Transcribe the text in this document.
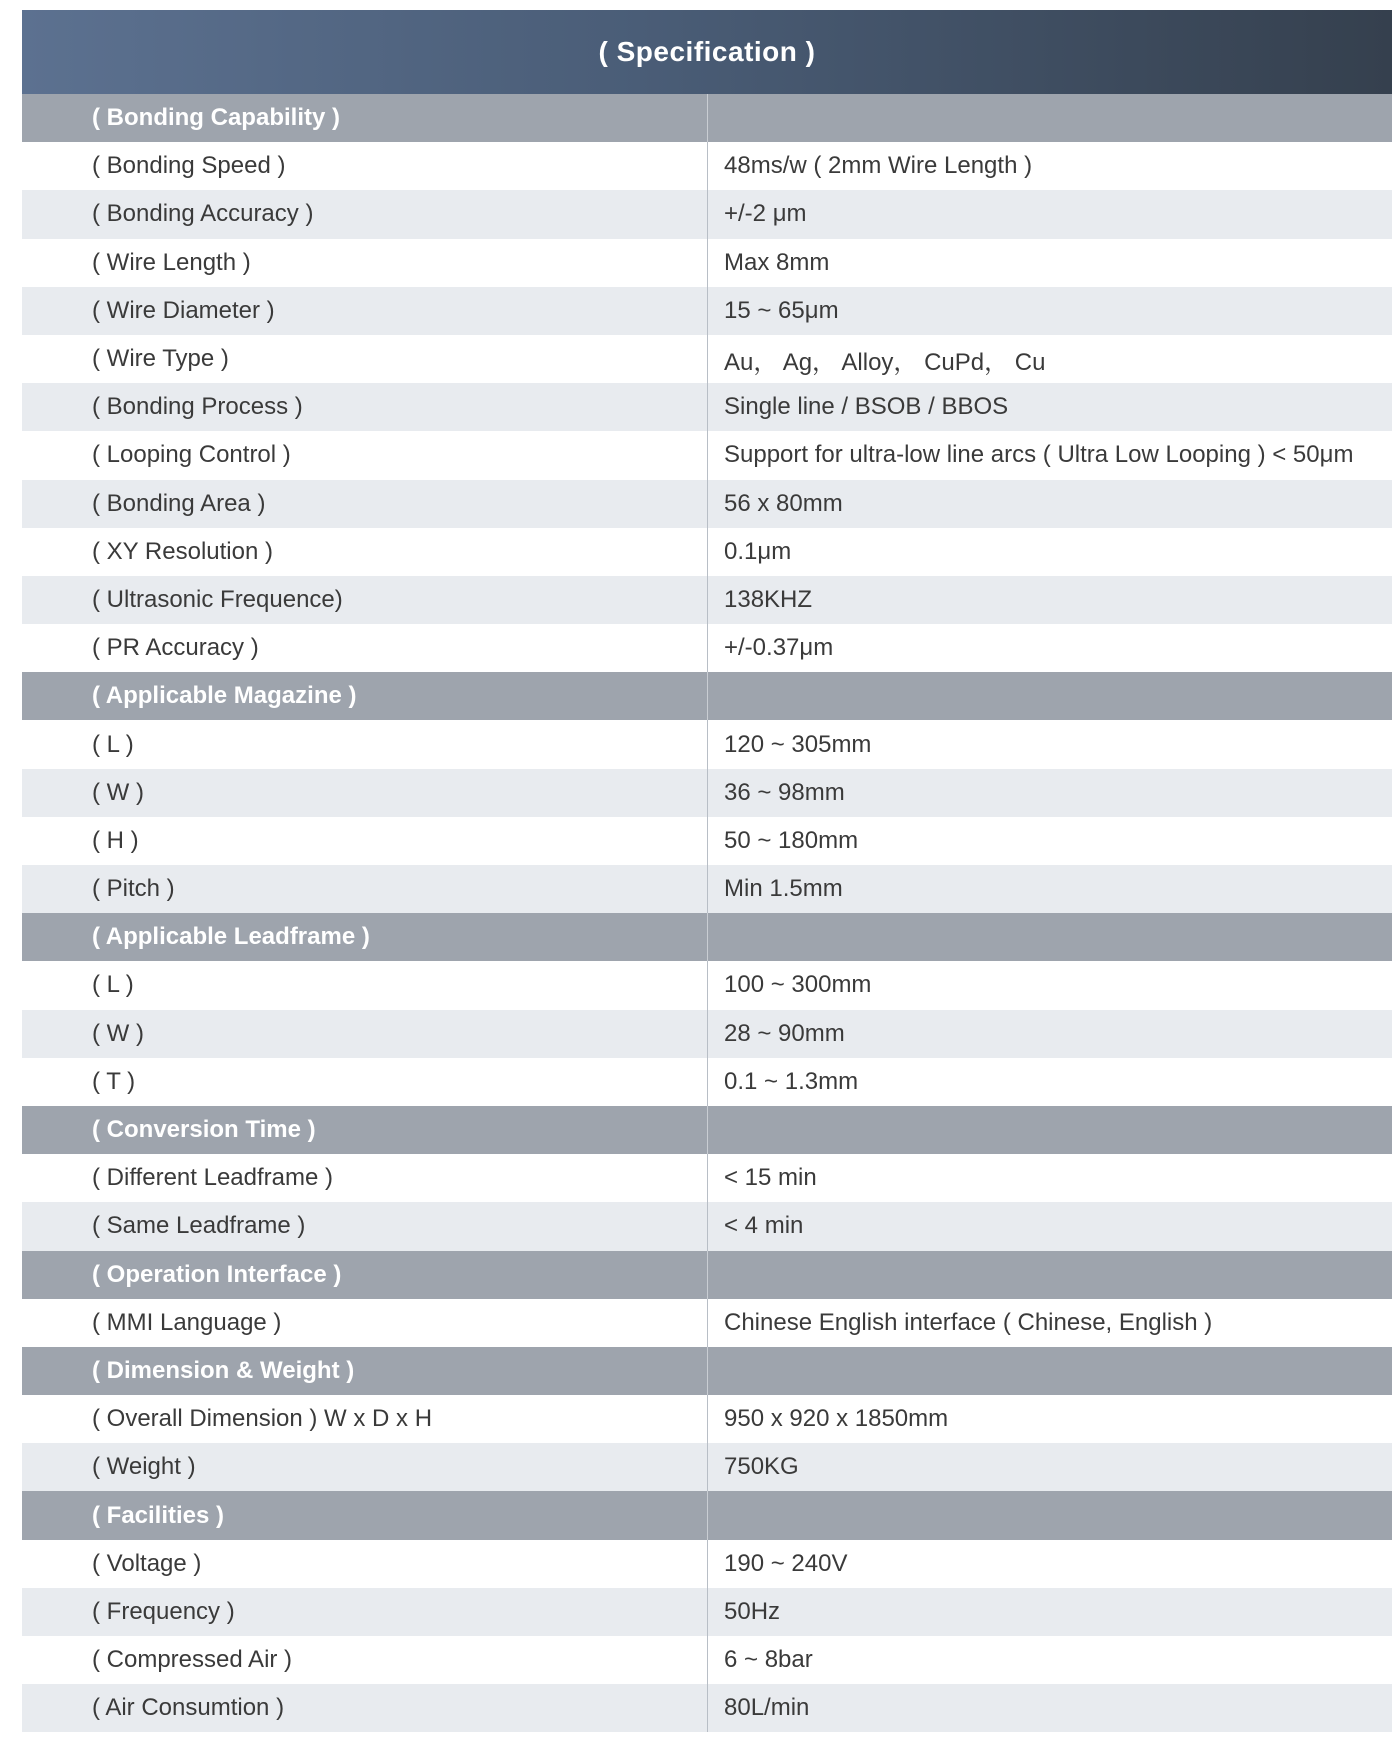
( Specification )
( Bonding Capability )
( Bonding Speed )	48ms/w ( 2mm Wire Length )
( Bonding Accuracy )	+/-2 μm
( Wire Length )	Max 8mm
( Wire Diameter )	15 ~ 65μm
( Wire Type )	Au， Ag， Alloy， CuPd， Cu
( Bonding Process )	Single line / BSOB / BBOS
( Looping Control )	Support for ultra-low line arcs ( Ultra Low Looping ) < 50μm
( Bonding Area )	56 x 80mm
( XY Resolution )	0.1μm
( Ultrasonic Frequence)	138KHZ
( PR Accuracy )	+/-0.37μm
( Applicable Magazine )
( L )	120 ~ 305mm
( W )	36 ~ 98mm
( H )	50 ~ 180mm
( Pitch )	Min 1.5mm
( Applicable Leadframe )
( L )	100 ~ 300mm
( W )	28 ~ 90mm
( T )	0.1 ~ 1.3mm
( Conversion Time )
( Different Leadframe )	< 15 min
( Same Leadframe )	< 4 min
( Operation Interface )
( MMI Language )	Chinese English interface ( Chinese, English )
( Dimension & Weight )
( Overall Dimension ) W x D x H	950 x 920 x 1850mm
( Weight )	750KG
( Facilities )
( Voltage )	190 ~ 240V
( Frequency )	50Hz
( Compressed Air )	6 ~ 8bar
( Air Consumtion )	80L/min
